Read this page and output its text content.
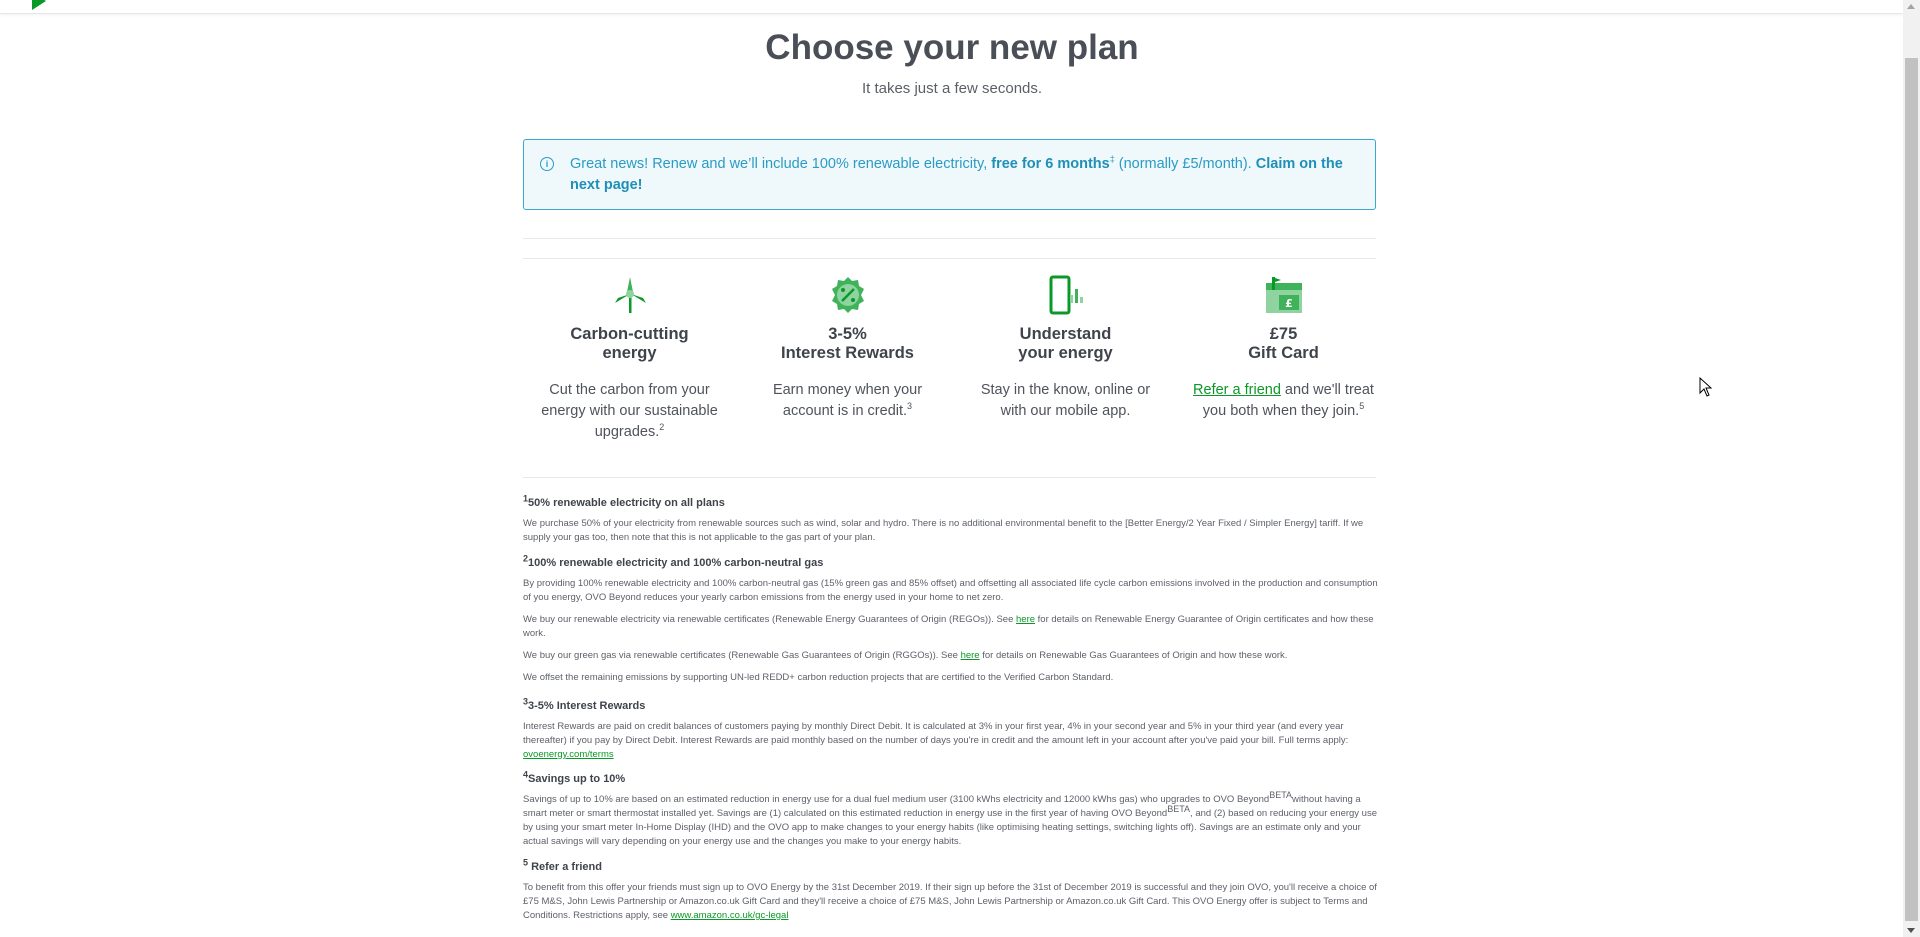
Choose your new plan
It takes just a few seconds.
i	Great news! Renew and we’ll include 100% renewable electricity, free for 6 months‡ (normally £5/month). Claim on the next page!
Carbon-cutting
energy
Cut the carbon from your energy with our sustainable upgrades.$^2$
3-5%
Interest Rewards
Earn money when your account is in credit.$^3$
Understand
your energy
Stay in the know, online or with our mobile app.
£
£75
Gift Card
Refer a friend and we'll treat you both when they join.$^5$
$^1$50% renewable electricity on all plans
We purchase 50% of your electricity from renewable sources such as wind, solar and hydro. There is no additional environmental benefit to the [Better Energy/2 Year Fixed / Simpler Energy] tariff. If we supply your gas too, then note that this is not applicable to the gas part of your plan.
$^2$100% renewable electricity and 100% carbon-neutral gas
By providing 100% renewable electricity and 100% carbon-neutral gas (15% green gas and 85% offset) and offsetting all associated life cycle carbon emissions involved in the production and consumption of you energy, OVO Beyond reduces your yearly carbon emissions from the energy used in your home to net zero.
We buy our renewable electricity via renewable certificates (Renewable Energy Guarantees of Origin (REGOs)). See here for details on Renewable Energy Guarantee of Origin certificates and how these work.
We buy our green gas via renewable certificates (Renewable Gas Guarantees of Origin (RGGOs)). See here for details on Renewable Gas Guarantees of Origin and how these work.
We offset the remaining emissions by supporting UN-led REDD+ carbon reduction projects that are certified to the Verified Carbon Standard.
$^3$3-5% Interest Rewards
Interest Rewards are paid on credit balances of customers paying by monthly Direct Debit. It is calculated at 3% in your first year, 4% in your second year and 5% in your third year (and every year thereafter) if you pay by Direct Debit. Interest Rewards are paid monthly based on the number of days you're in credit and the amount left in your account after you've paid your bill. Full terms apply: ovoenergy.com/terms
$^4$Savings up to 10%
Savings of up to 10% are based on an estimated reduction in energy use for a dual fuel medium user (3100 kWhs electricity and 12000 kWhs gas) who upgrades to OVO Beyond$^{BETA}$without having a smart meter or smart thermostat installed yet. Savings are (1) calculated on this estimated reduction in energy use in the first year of having OVO Beyond$^{BETA}$, and (2) based on reducing your energy use by using your smart meter In-Home Display (IHD) and the OVO app to make changes to your energy habits (like optimising heating settings, switching lights off). Savings are an estimate only and your actual savings will vary depending on your energy use and the changes you make to your energy habits.
$^5$ Refer a friend
To benefit from this offer your friends must sign up to OVO Energy by the 31st December 2019. If their sign up before the 31st of December 2019 is successful and they join OVO, you'll receive a choice of £75 M&S, John Lewis Partnership or Amazon.co.uk Gift Card and they'll receive a choice of £75 M&S, John Lewis Partnership or Amazon.co.uk Gift Card. This OVO Energy offer is subject to Terms and Conditions. Restrictions apply, see www.amazon.co.uk/gc-legal
